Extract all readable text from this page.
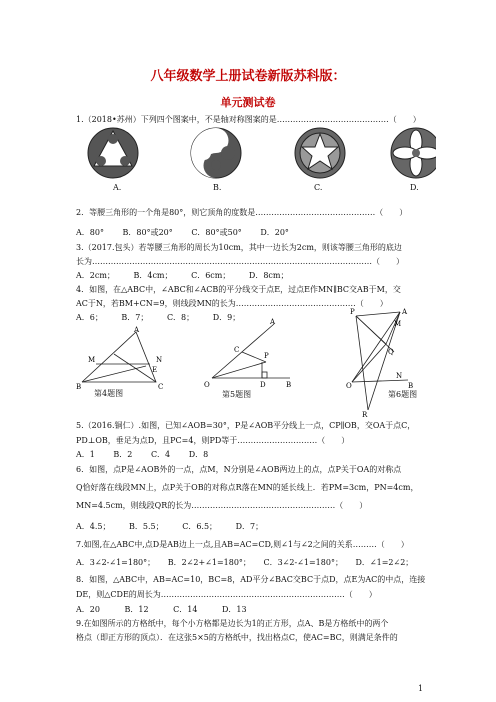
八年级数学上册试卷新版苏科版：
单元测试卷
1.（2018•苏州）下列四个图案中，不是轴对称图案的是……………………………………（　　）
A.	B.	C.	D.
2．等腰三角形的一个角是80°，则它顶角的度数是………………………………………（　　）
A．80° B．80°或20° C．80°或50° D．20°
3.（2017.包头）若等腰三角形的周长为10cm，其中一边长为2cm，则该等腰三角形的底边
长为……………………………………………………………………………………………（　　）
A．2cm； B．4cm； C．6cm； D．8cm；
4．如图，在△ABC中，∠ABC和∠ACB的平分线交于点E，过点E作MN∥BC交AB于M，交
AC于N，若BM+CN=9，则线段MN的长为………………………………………（　　）
A．6； B．7； C．8； D．9；
A
M	N
E
B	C
第4题图
A
B
P
C
O	D
第5题图
P	A
M
Q
N
O	B
R
第6题图
5.（2016.铜仁）.如图，已知∠AOB=30°，P是∠AOB平分线上一点，CP∥OB，交OA于点C，
PD⊥OB，垂足为点D，且PC=4，则PD等于…………………………（　　）
A．1 B．2 C．4 D．8
6．如图，点P是∠AOB外的一点，点M，N分别是∠AOB两边上的点，点P关于OA的对称点
Q恰好落在线段MN上，点P关于OB的对称点R落在MN的延长线上．若PM=3cm，PN=4cm，
MN=4.5cm，则线段QR的长为………………………………………………（　　）
A．4.5； B．5.5； C．6.5； D．7；
7.如图,在△ABC中,点D是AB边上一点,且AB=AC=CD,则∠1与∠2之间的关系………（　　）
A．3∠2-∠1=180°； B．2∠2+∠1=180°； C．3∠2-∠1=180°； D．∠1=2∠2；
8．如图，△ABC中，AB=AC=10，BC=8，AD平分∠BAC交BC于点D，点E为AC的中点，连接
DE，则△CDE的周长为……………………………………………………………（　　）
A．20	B．12	C．14	D．13
9.在如图所示的方格纸中，每个小方格都是边长为1的正方形，点A、B是方格纸中的两个
格点（即正方形的顶点）．在这张5×5的方格纸中，找出格点C，使AC=BC，则满足条件的
1
